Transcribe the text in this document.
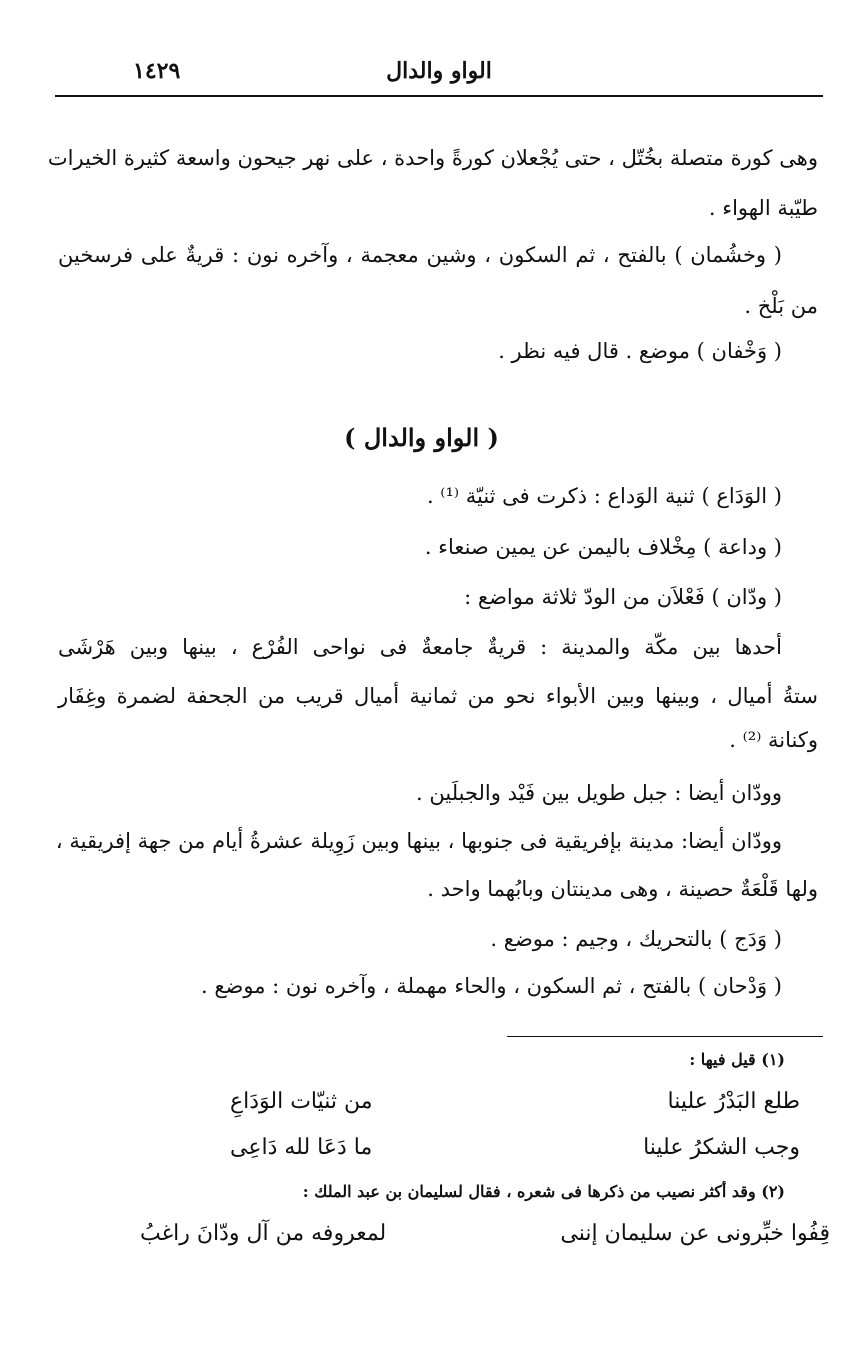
الواو والدال
١٤٢٩
وهى كورة متصلة بخُتّل ، حتى يُجْعلان كورةً واحدة ، على نهر جيحون واسعة كثيرة الخيرات
طيّبة الهواء .
( وخشُمان ) بالفتح ، ثم السكون ، وشين معجمة ، وآخره نون : قريةٌ على فرسخين
من بَلْخ .
( وَخْفان ) موضع . قال فيه نظر .
( الواو والدال )
( الوَدَاع ) ثنية الوَداع : ذكرت فى ثنيّة ⁽¹⁾ .
( وداعة ) مِخْلاف باليمن عن يمين صنعاء .
( ودّان ) فَعْلاَن من الودّ ثلاثة مواضع :
أحدها بين مكّة والمدينة : قريةٌ جامعةٌ فى نواحى الفُرْع ، بينها وبين هَرْشَى
ستةُ أميال ، وبينها وبين الأبواء نحو من ثمانية أميال قريب من الجحفة لضمرة وغِفَار
وكنانة ⁽²⁾ .
وودّان أيضا : جبل طويل بين فَيْد والجبلَين .
وودّان أيضا: مدينة بإفريقية فى جنوبها ، بينها وبين زَوِيلة عشرةُ أيام من جهة إفريقية ،
ولها قَلْعَةٌ حصينة ، وهى مدينتان وبابُهما واحد .
( وَدَج ) بالتحريك ، وجيم : موضع .
( وَدْحان ) بالفتح ، ثم السكون ، والحاء مهملة ، وآخره نون : موضع .
(١) قيل فيها :
طلع البَدْرُ علينا
من ثنيّات الوَدَاعِ
وجب الشكرُ علينا
ما دَعَا لله دَاعِى
(٢) وقد أكثر نصيب من ذكرها فى شعره ، فقال لسليمان بن عبد الملك :
قِفُوا خبِّرونى عن سليمان إننى
لمعروفه من آل ودّانَ راغبُ
